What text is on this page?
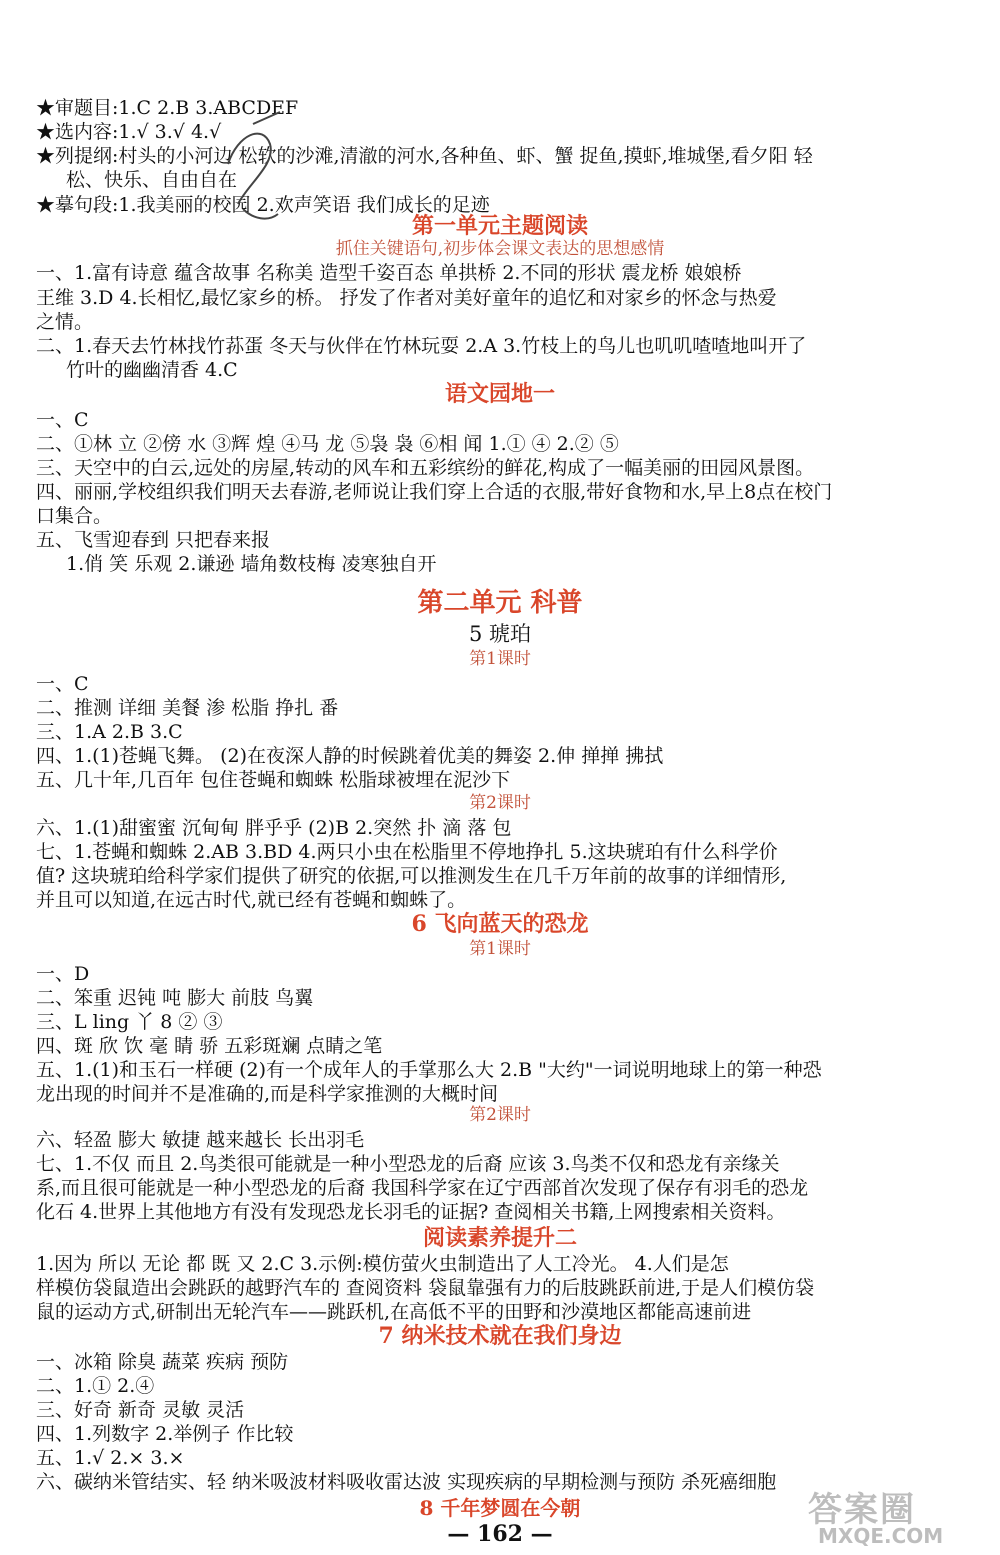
★审题目:1.C 2.B 3.ABCDEF
★选内容:1.√ 3.√ 4.√
★列提纲:村头的小河边 松软的沙滩,清澈的河水,各种鱼、虾、蟹 捉鱼,摸虾,堆城堡,看夕阳 轻
松、快乐、自由自在
★摹句段:1.我美丽的校园 2.欢声笑语 我们成长的足迹
第一单元主题阅读
抓住关键语句,初步体会课文表达的思想感情
一、1.富有诗意 蕴含故事 名称美 造型千姿百态 单拱桥 2.不同的形状 震龙桥 娘娘桥
王维 3.D 4.长相忆,最忆家乡的桥。 抒发了作者对美好童年的追忆和对家乡的怀念与热爱
之情。
二、1.春天去竹林找竹荪蛋 冬天与伙伴在竹林玩耍 2.A 3.竹枝上的鸟儿也叽叽喳喳地叫开了
竹叶的幽幽清香 4.C
语文园地一
一、C
二、①林 立 ②傍 水 ③辉 煌 ④马 龙 ⑤袅 袅 ⑥相 闻 1.① ④ 2.② ⑤
三、天空中的白云,远处的房屋,转动的风车和五彩缤纷的鲜花,构成了一幅美丽的田园风景图。
四、丽丽,学校组织我们明天去春游,老师说让我们穿上合适的衣服,带好食物和水,早上8点在校门
口集合。
五、飞雪迎春到 只把春来报
1.俏 笑 乐观 2.谦逊 墙角数枝梅 凌寒独自开
第二单元 科普
5 琥珀
第1课时
一、C
二、推测 详细 美餐 渗 松脂 挣扎 番
三、1.A 2.B 3.C
四、1.(1)苍蝇飞舞。 (2)在夜深人静的时候跳着优美的舞姿 2.伸 掸掸 拂拭
五、几十年,几百年 包住苍蝇和蜘蛛 松脂球被埋在泥沙下
第2课时
六、1.(1)甜蜜蜜 沉甸甸 胖乎乎 (2)B 2.突然 扑 滴 落 包
七、1.苍蝇和蜘蛛 2.AB 3.BD 4.两只小虫在松脂里不停地挣扎 5.这块琥珀有什么科学价
值? 这块琥珀给科学家们提供了研究的依据,可以推测发生在几千万年前的故事的详细情形,
并且可以知道,在远古时代,就已经有苍蝇和蜘蛛了。
6 飞向蓝天的恐龙
第1课时
一、D
二、笨重 迟钝 吨 膨大 前肢 鸟翼
三、L ling 丫 8 ② ③
四、斑 欣 饮 毫 睛 骄 五彩斑斓 点睛之笔
五、1.(1)和玉石一样硬 (2)有一个成年人的手掌那么大 2.B "大约"一词说明地球上的第一种恐
龙出现的时间并不是准确的,而是科学家推测的大概时间
第2课时
六、轻盈 膨大 敏捷 越来越长 长出羽毛
七、1.不仅 而且 2.鸟类很可能就是一种小型恐龙的后裔 应该 3.鸟类不仅和恐龙有亲缘关
系,而且很可能就是一种小型恐龙的后裔 我国科学家在辽宁西部首次发现了保存有羽毛的恐龙
化石 4.世界上其他地方有没有发现恐龙长羽毛的证据? 查阅相关书籍,上网搜索相关资料。
阅读素养提升二
1.因为 所以 无论 都 既 又 2.C 3.示例:模仿萤火虫制造出了人工冷光。 4.人们是怎
样模仿袋鼠造出会跳跃的越野汽车的 查阅资料 袋鼠靠强有力的后肢跳跃前进,于是人们模仿袋
鼠的运动方式,研制出无轮汽车——跳跃机,在高低不平的田野和沙漠地区都能高速前进
7 纳米技术就在我们身边
一、冰箱 除臭 蔬菜 疾病 预防
二、1.① 2.④
三、好奇 新奇 灵敏 灵活
四、1.列数字 2.举例子 作比较
五、1.√ 2.× 3.×
六、碳纳米管结实、轻 纳米吸波材料吸收雷达波 实现疾病的早期检测与预防 杀死癌细胞
8 千年梦圆在今朝
— 162 —
答案圈
MXQE.COM
